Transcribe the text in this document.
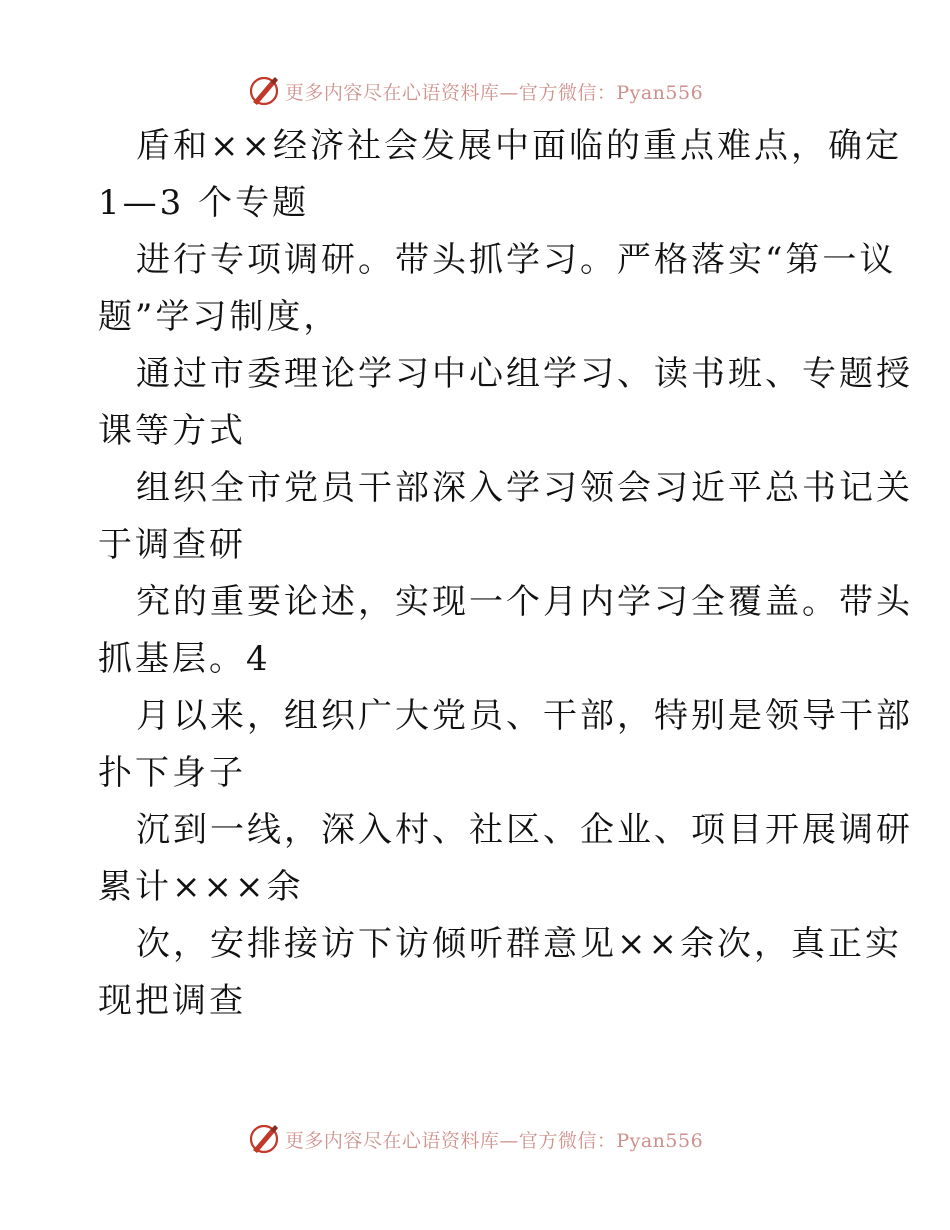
更多内容尽在心语资料库—官方微信：Pyan556
盾和××经济社会发展中面临的重点难点，确定
1—3 个专题
进行专项调研。带头抓学习。严格落实“第一议
题”学习制度，
通过市委理论学习中心组学习、读书班、专题授
课等方式
组织全市党员干部深入学习领会习近平总书记关
于调查研
究的重要论述，实现一个月内学习全覆盖。带头
抓基层。4
月以来，组织广大党员、干部，特别是领导干部
扑下身子
沉到一线，深入村、社区、企业、项目开展调研
累计×××余
次，安排接访下访倾听群意见××余次，真正实
现把调查
更多内容尽在心语资料库—官方微信：Pyan556
